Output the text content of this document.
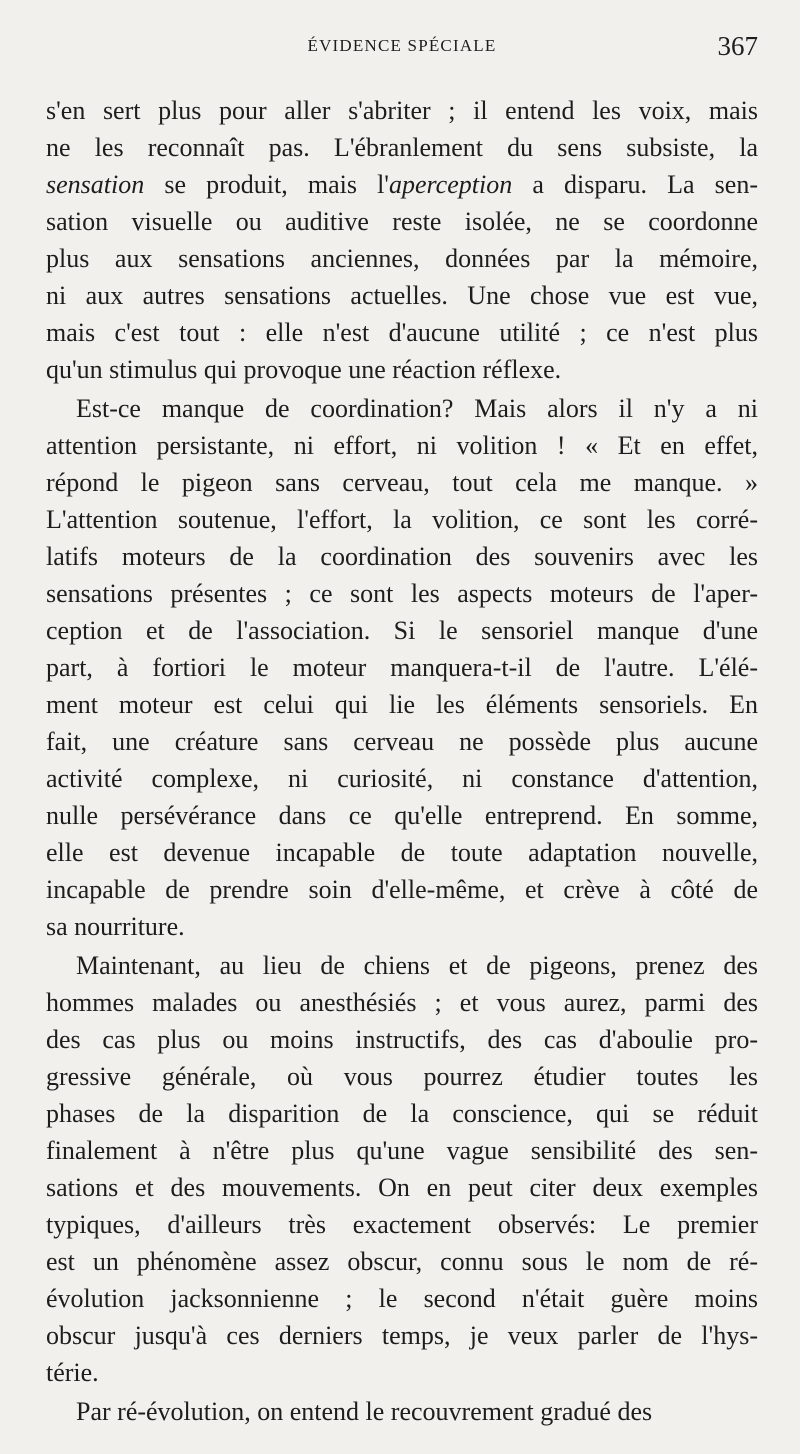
ÉVIDENCE SPÉCIALE	367
s'en sert plus pour aller s'abriter ; il entend les voix, mais
ne les reconnaît pas. L'ébranlement du sens subsiste, la
sensation se produit, mais l'aperception a disparu. La sen-
sation visuelle ou auditive reste isolée, ne se coordonne
plus aux sensations anciennes, données par la mémoire,
ni aux autres sensations actuelles. Une chose vue est vue,
mais c'est tout : elle n'est d'aucune utilité ; ce n'est plus
qu'un stimulus qui provoque une réaction réflexe.
Est-ce manque de coordination? Mais alors il n'y a ni
attention persistante, ni effort, ni volition ! « Et en effet,
répond le pigeon sans cerveau, tout cela me manque. »
L'attention soutenue, l'effort, la volition, ce sont les corré-
latifs moteurs de la coordination des souvenirs avec les
sensations présentes ; ce sont les aspects moteurs de l'aper-
ception et de l'association. Si le sensoriel manque d'une
part, à fortiori le moteur manquera-t-il de l'autre. L'élé-
ment moteur est celui qui lie les éléments sensoriels. En
fait, une créature sans cerveau ne possède plus aucune
activité complexe, ni curiosité, ni constance d'attention,
nulle persévérance dans ce qu'elle entreprend. En somme,
elle est devenue incapable de toute adaptation nouvelle,
incapable de prendre soin d'elle-même, et crève à côté de
sa nourriture.
Maintenant, au lieu de chiens et de pigeons, prenez des
hommes malades ou anesthésiés ; et vous aurez, parmi des
des cas plus ou moins instructifs, des cas d'aboulie pro-
gressive générale, où vous pourrez étudier toutes les
phases de la disparition de la conscience, qui se réduit
finalement à n'être plus qu'une vague sensibilité des sen-
sations et des mouvements. On en peut citer deux exemples
typiques, d'ailleurs très exactement observés: Le premier
est un phénomène assez obscur, connu sous le nom de ré-
évolution jacksonnienne ; le second n'était guère moins
obscur jusqu'à ces derniers temps, je veux parler de l'hys-
térie.
Par ré-évolution, on entend le recouvrement gradué des
